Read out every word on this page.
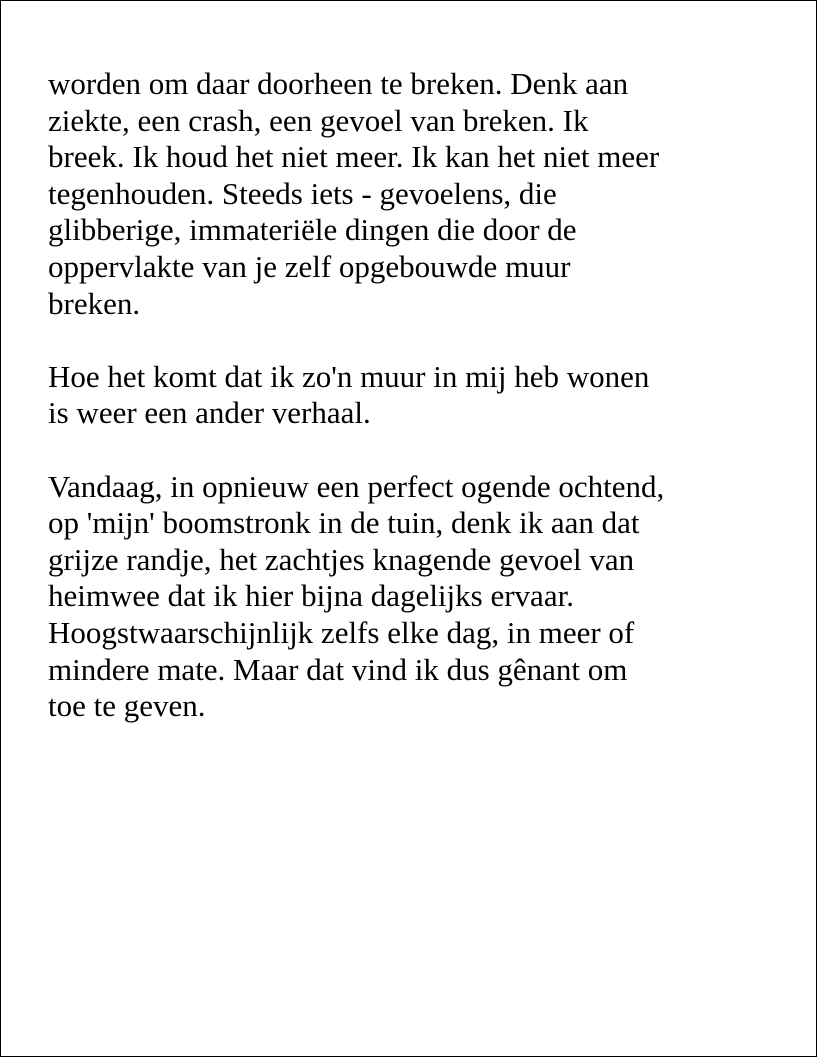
worden om daar doorheen te breken. Denk aan
ziekte, een crash, een gevoel van breken. Ik
breek. Ik houd het niet meer. Ik kan het niet meer
tegenhouden. Steeds iets - gevoelens, die
glibberige, immateriële dingen die door de
oppervlakte van je zelf opgebouwde muur
breken.

Hoe het komt dat ik zo'n muur in mij heb wonen
is weer een ander verhaal.

Vandaag, in opnieuw een perfect ogende ochtend,
op 'mijn' boomstronk in de tuin, denk ik aan dat
grijze randje, het zachtjes knagende gevoel van
heimwee dat ik hier bijna dagelijks ervaar.
Hoogstwaarschijnlijk zelfs elke dag, in meer of
mindere mate. Maar dat vind ik dus gênant om
toe te geven.
